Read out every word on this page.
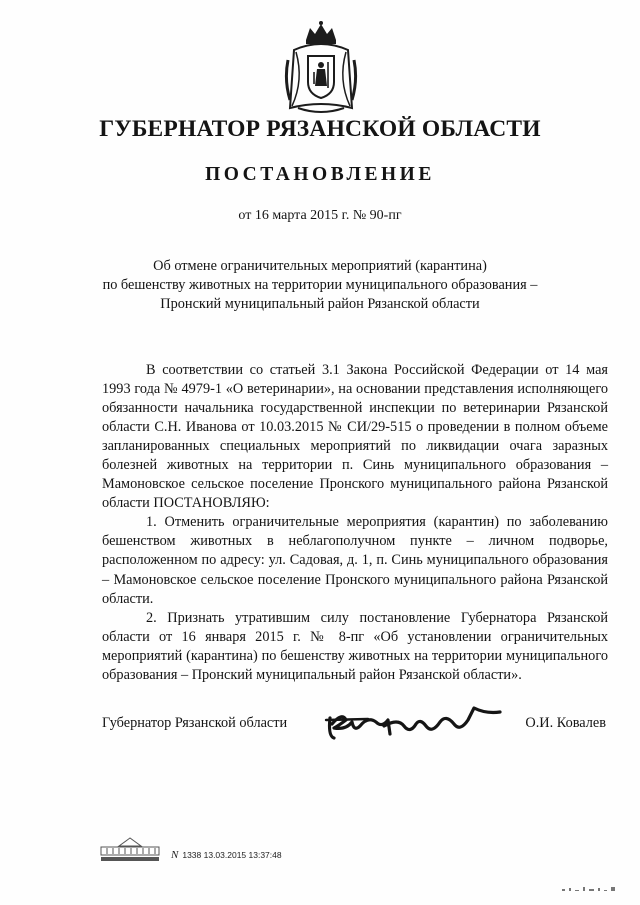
ГУБЕРНАТОР РЯЗАНСКОЙ ОБЛАСТИ
ПОСТАНОВЛЕНИЕ
от 16 марта 2015 г. № 90-пг
Об отмене ограничительных мероприятий (карантина)
по бешенству животных на территории муниципального образования –
Пронский муниципальный район Рязанской области

В соответствии со статьей 3.1 Закона Российской Федерации от 14 мая 1993 года № 4979-1 «О ветеринарии», на основании представления исполняющего обязанности начальника государственной инспекции по ветеринарии Рязанской области С.Н. Иванова от 10.03.2015 № СИ/29-515 о проведении в полном объеме запланированных специальных мероприятий по ликвидации очага заразных болезней животных на территории п. Синь муниципального образования – Мамоновское сельское поселение Пронского муниципального района Рязанской области ПОСТАНОВЛЯЮ:

1. Отменить ограничительные мероприятия (карантин) по заболеванию бешенством животных в неблагополучном пункте – личном подворье, расположенном по адресу: ул. Садовая, д. 1, п. Синь муниципального образования – Мамоновское сельское поселение Пронского муниципального района Рязанской области.

2. Признать утратившим силу постановление Губернатора Рязанской области от 16 января 2015 г. № 8-пг «Об установлении ограничительных мероприятий (карантина) по бешенству животных на территории муниципального образования – Пронский муниципальный район Рязанской области».

Губернатор Рязанской области	О.И. Ковалев
N 1338 13.03.2015 13:37:48
